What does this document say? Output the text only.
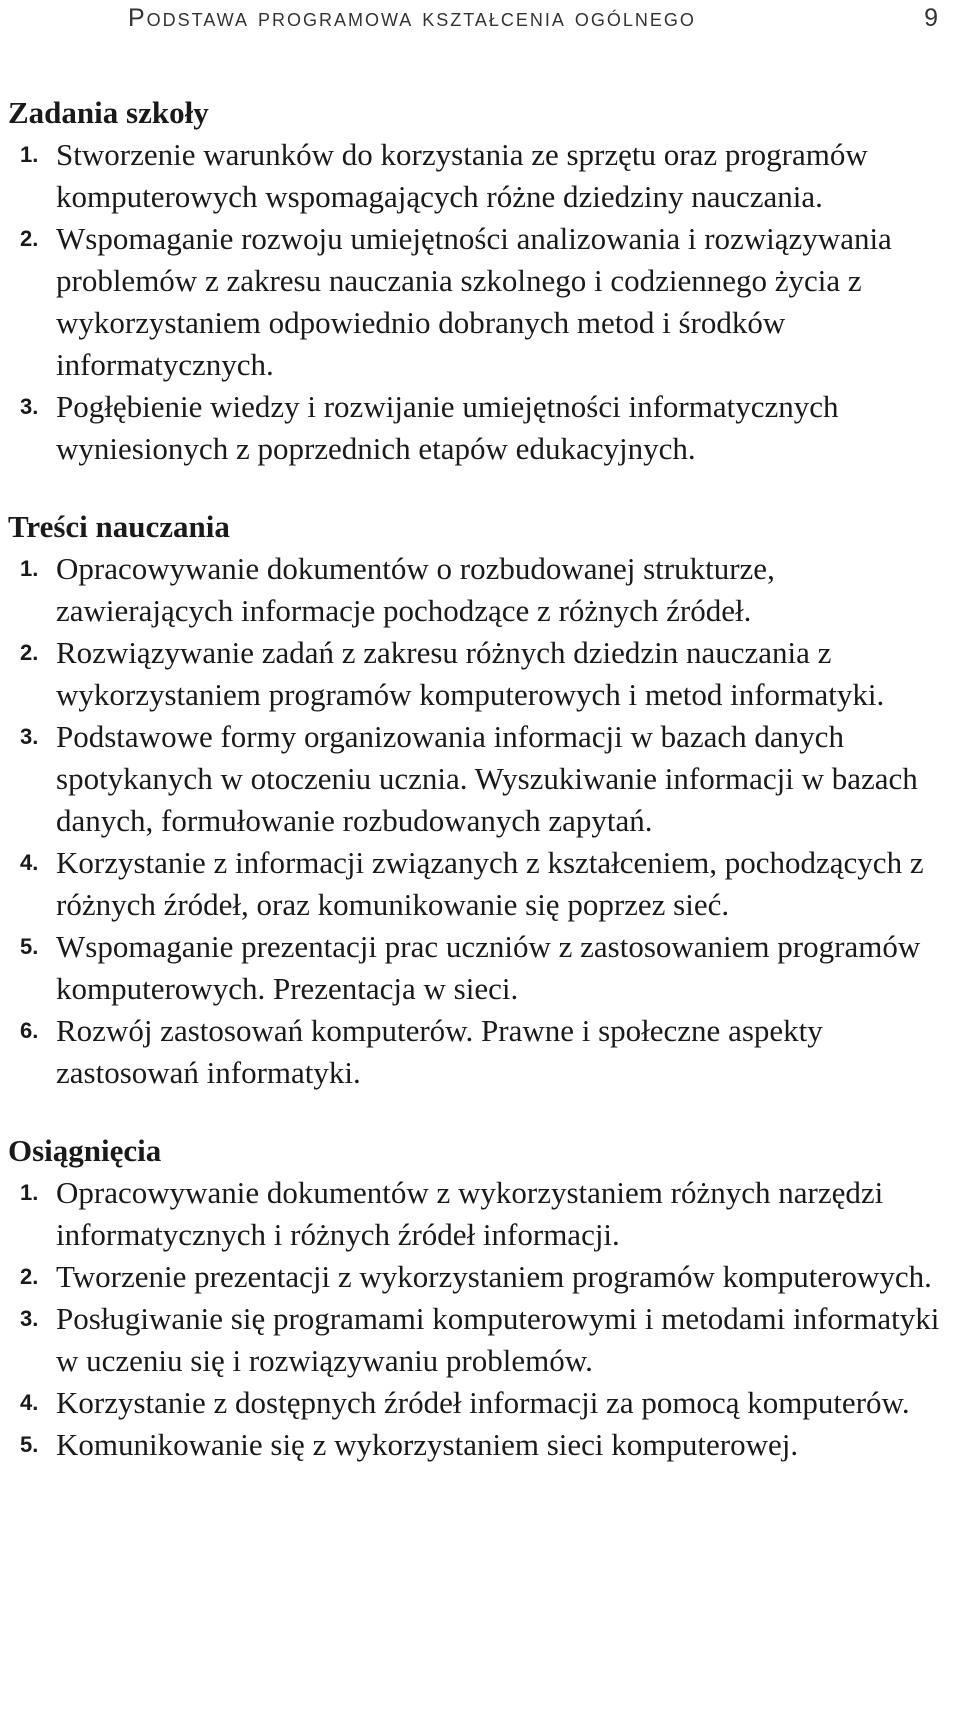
Podstawa programowa kształcenia ogólnego	9
Zadania szkoły
1. Stworzenie warunków do korzystania ze sprzętu oraz programów komputerowych wspomagających różne dziedziny nauczania.
2. Wspomaganie rozwoju umiejętności analizowania i rozwiązywania problemów z zakresu nauczania szkolnego i codziennego życia z wykorzystaniem odpowiednio dobranych metod i środków informatycznych.
3. Pogłębienie wiedzy i rozwijanie umiejętności informatycznych wyniesionych z poprzednich etapów edukacyjnych.
Treści nauczania
1. Opracowywanie dokumentów o rozbudowanej strukturze, zawierających informacje pochodzące z różnych źródeł.
2. Rozwiązywanie zadań z zakresu różnych dziedzin nauczania z wykorzystaniem programów komputerowych i metod informatyki.
3. Podstawowe formy organizowania informacji w bazach danych spotykanych w otoczeniu ucznia. Wyszukiwanie informacji w bazach danych, formułowanie rozbudowanych zapytań.
4. Korzystanie z informacji związanych z kształceniem, pochodzących z różnych źródeł, oraz komunikowanie się poprzez sieć.
5. Wspomaganie prezentacji prac uczniów z zastosowaniem programów komputerowych. Prezentacja w sieci.
6. Rozwój zastosowań komputerów. Prawne i społeczne aspekty zastosowań informatyki.
Osiągnięcia
1. Opracowywanie dokumentów z wykorzystaniem różnych narzędzi informatycznych i różnych źródeł informacji.
2. Tworzenie prezentacji z wykorzystaniem programów komputerowych.
3. Posługiwanie się programami komputerowymi i metodami informatyki w uczeniu się i rozwiązywaniu problemów.
4. Korzystanie z dostępnych źródeł informacji za pomocą komputerów.
5. Komunikowanie się z wykorzystaniem sieci komputerowej.
